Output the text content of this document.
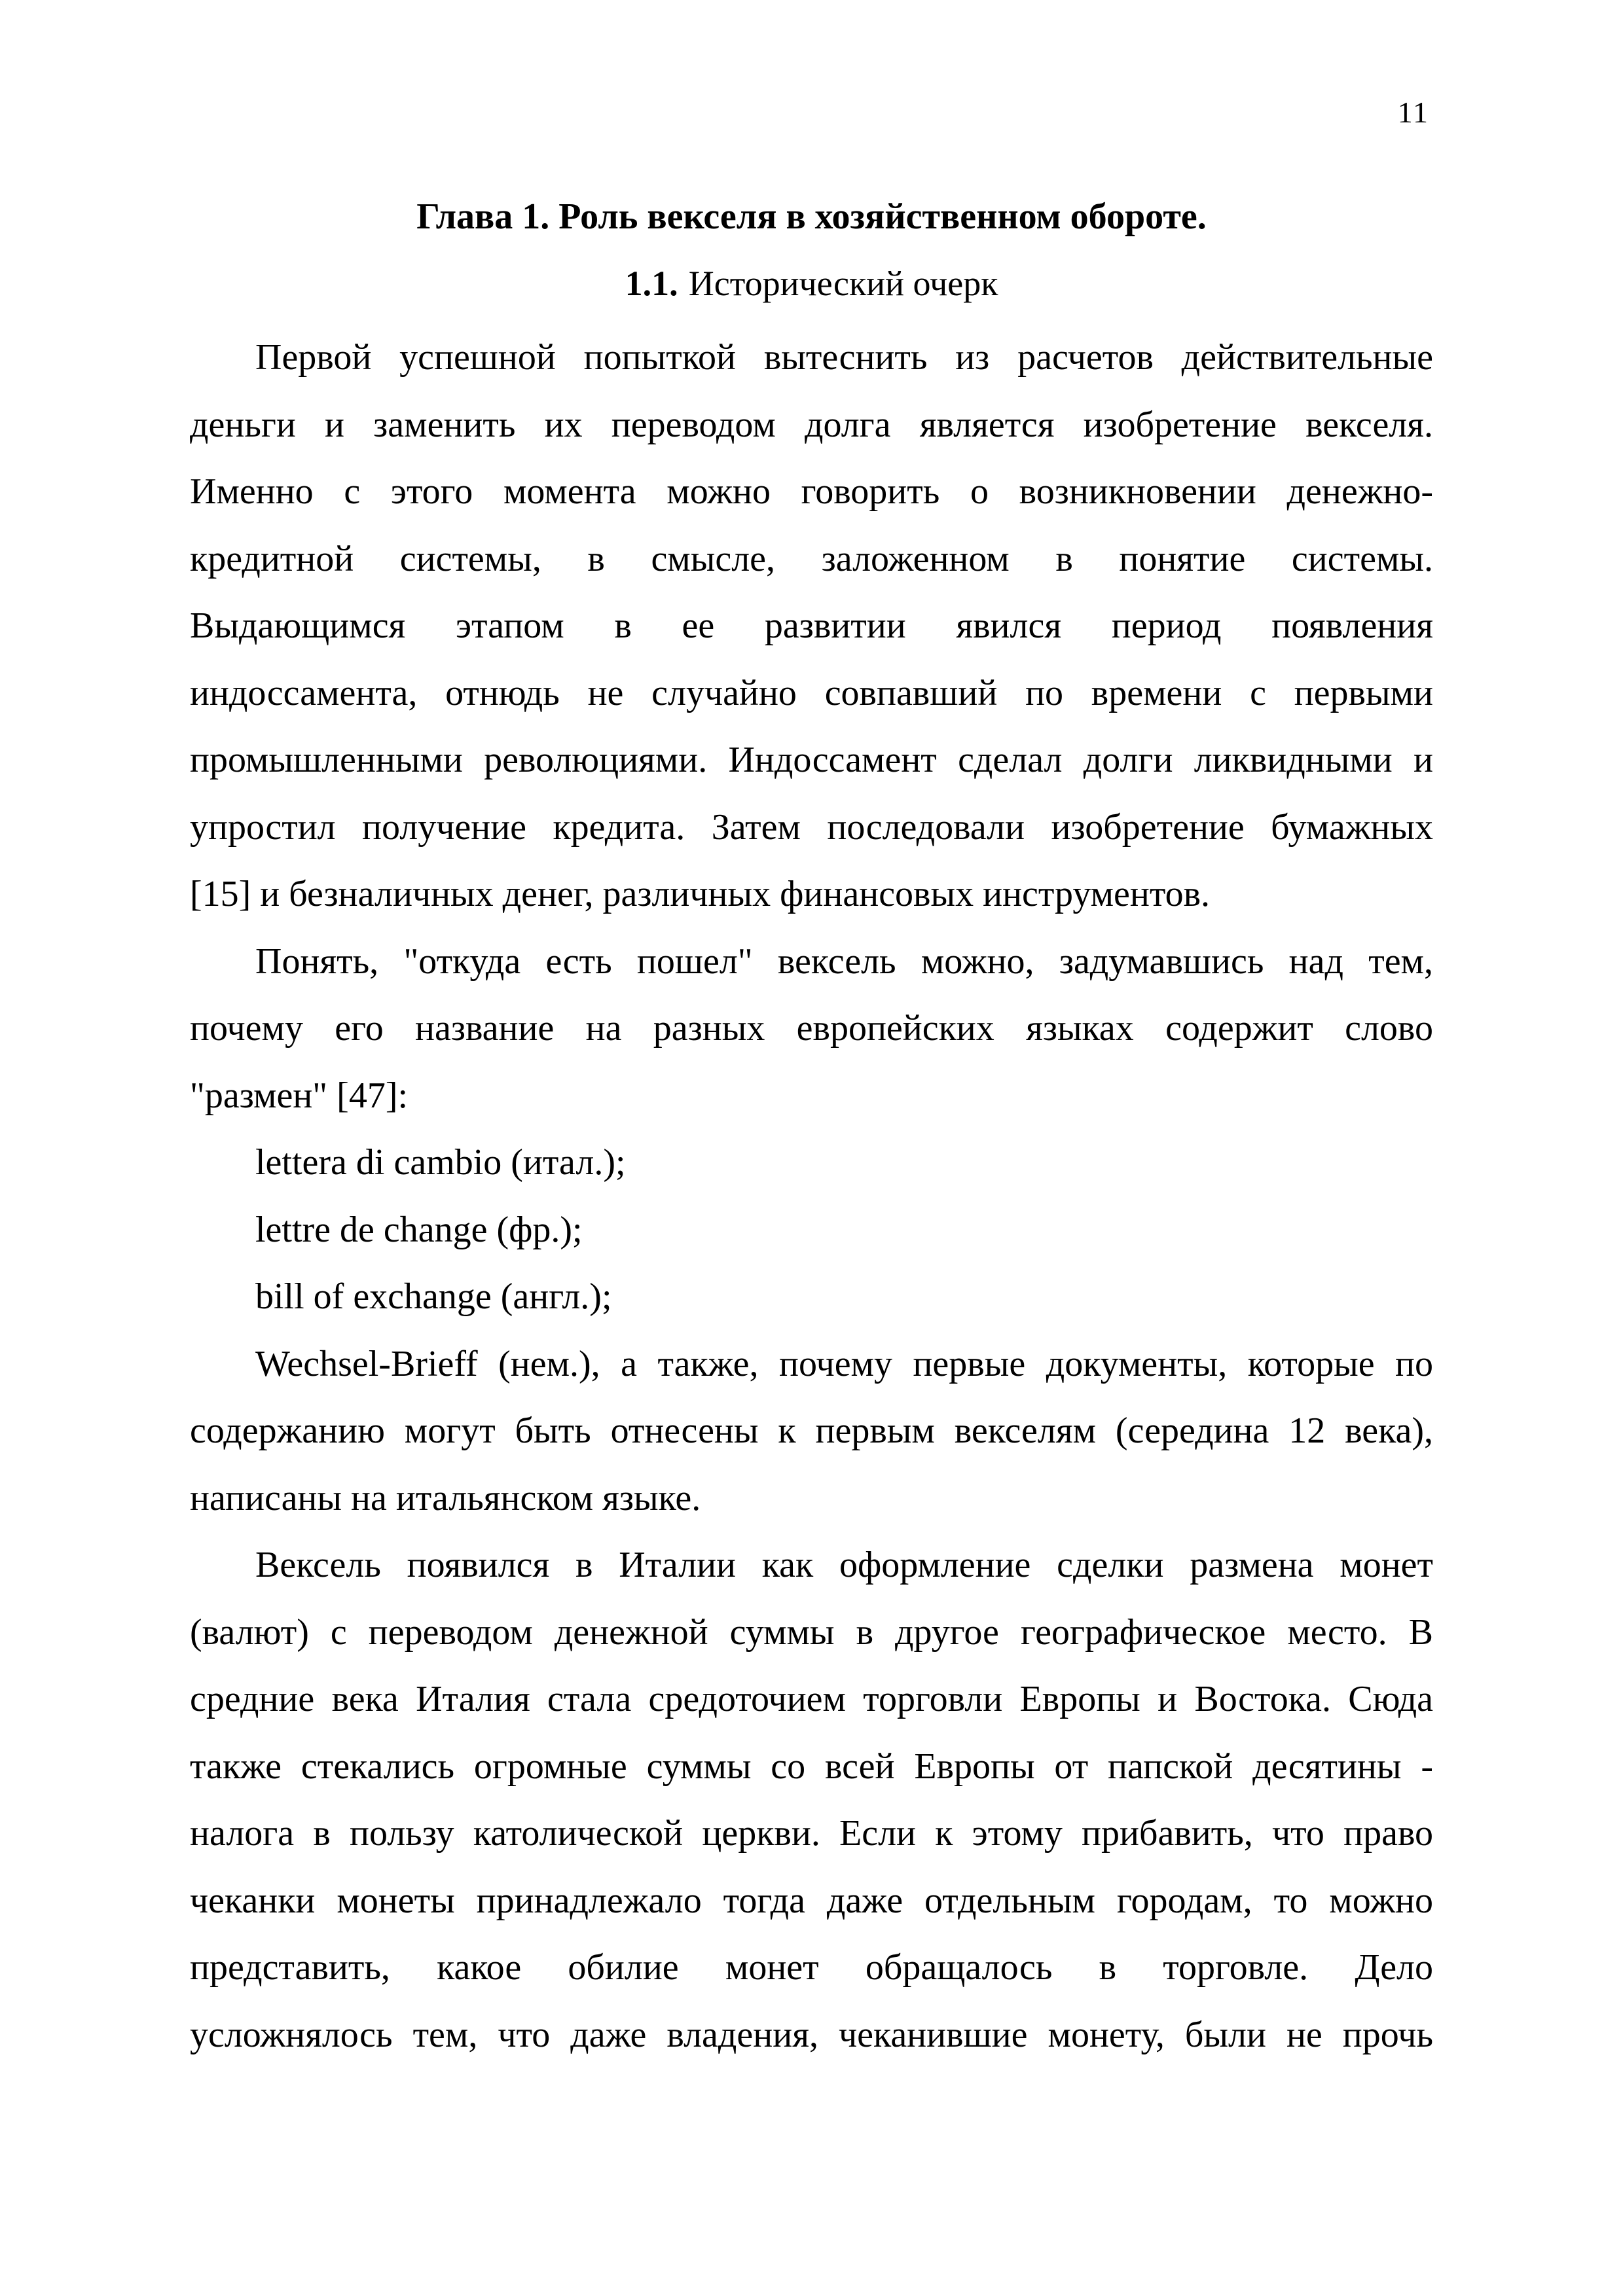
11
Глава 1. Роль векселя в хозяйственном обороте.
1.1. Исторический очерк
Первой успешной попыткой вытеснить из расчетов действительные
деньги и заменить их переводом долга является изобретение векселя.
Именно с этого момента можно говорить о возникновении денежно-
кредитной системы, в смысле, заложенном в понятие системы.
Выдающимся этапом в ее развитии явился период появления
индоссамента, отнюдь не случайно совпавший по времени с первыми
промышленными революциями. Индоссамент сделал долги ликвидными и
упростил получение кредита. Затем последовали изобретение бумажных
[15] и безналичных денег, различных финансовых инструментов.
Понять, "откуда есть пошел" вексель можно, задумавшись над тем,
почему его название на разных европейских языках содержит слово
"размен" [47]:
lettera di cambio (итал.);
lettre de change (фр.);
bill of exchange (англ.);
Wechsel-Brieff (нем.), а также, почему первые документы, которые по
содержанию могут быть отнесены к первым векселям (середина 12 века),
написаны на итальянском языке.
Вексель появился в Италии как оформление сделки размена монет
(валют) с переводом денежной суммы в другое географическое место. В
средние века Италия стала средоточием торговли Европы и Востока. Сюда
также стекались огромные суммы со всей Европы от папской десятины -
налога в пользу католической церкви. Если к этому прибавить, что право
чеканки монеты принадлежало тогда даже отдельным городам, то можно
представить, какое обилие монет обращалось в торговле. Дело
усложнялось тем, что даже владения, чеканившие монету, были не прочь
